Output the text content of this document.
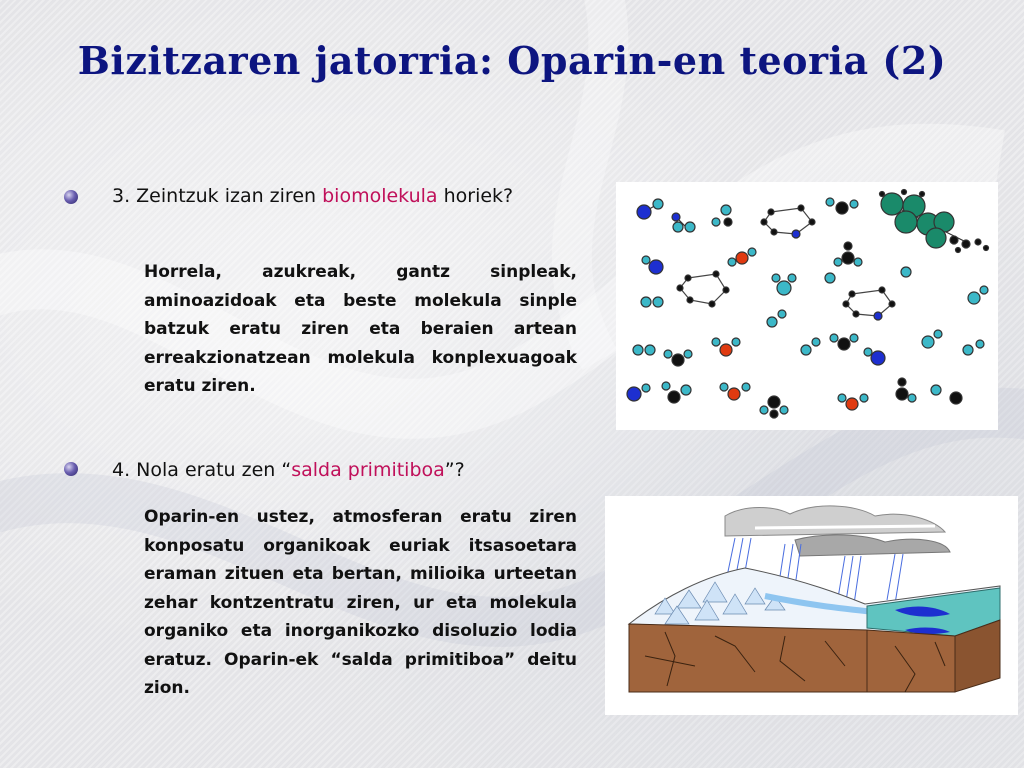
Bizitzaren jatorria: Oparin-en teoria (2)
3. Zeintzuk izan ziren biomolekula horiek?
Horrela, azukreak, gantz sinpleak, aminoazidoak eta beste molekula sinple batzuk eratu ziren eta beraien artean erreakzionatzean molekula konplexuagoak eratu ziren.
4. Nola eratu zen “salda primitiboa”?
Oparin-en ustez, atmosferan eratu ziren konposatu organikoak euriak itsasoetara eraman zituen eta bertan, milioika urteetan zehar kontzentratu ziren, ur eta molekula organiko eta inorganikozko disoluzio lodia eratuz. Oparin-ek “salda primitiboa” deitu zion.
